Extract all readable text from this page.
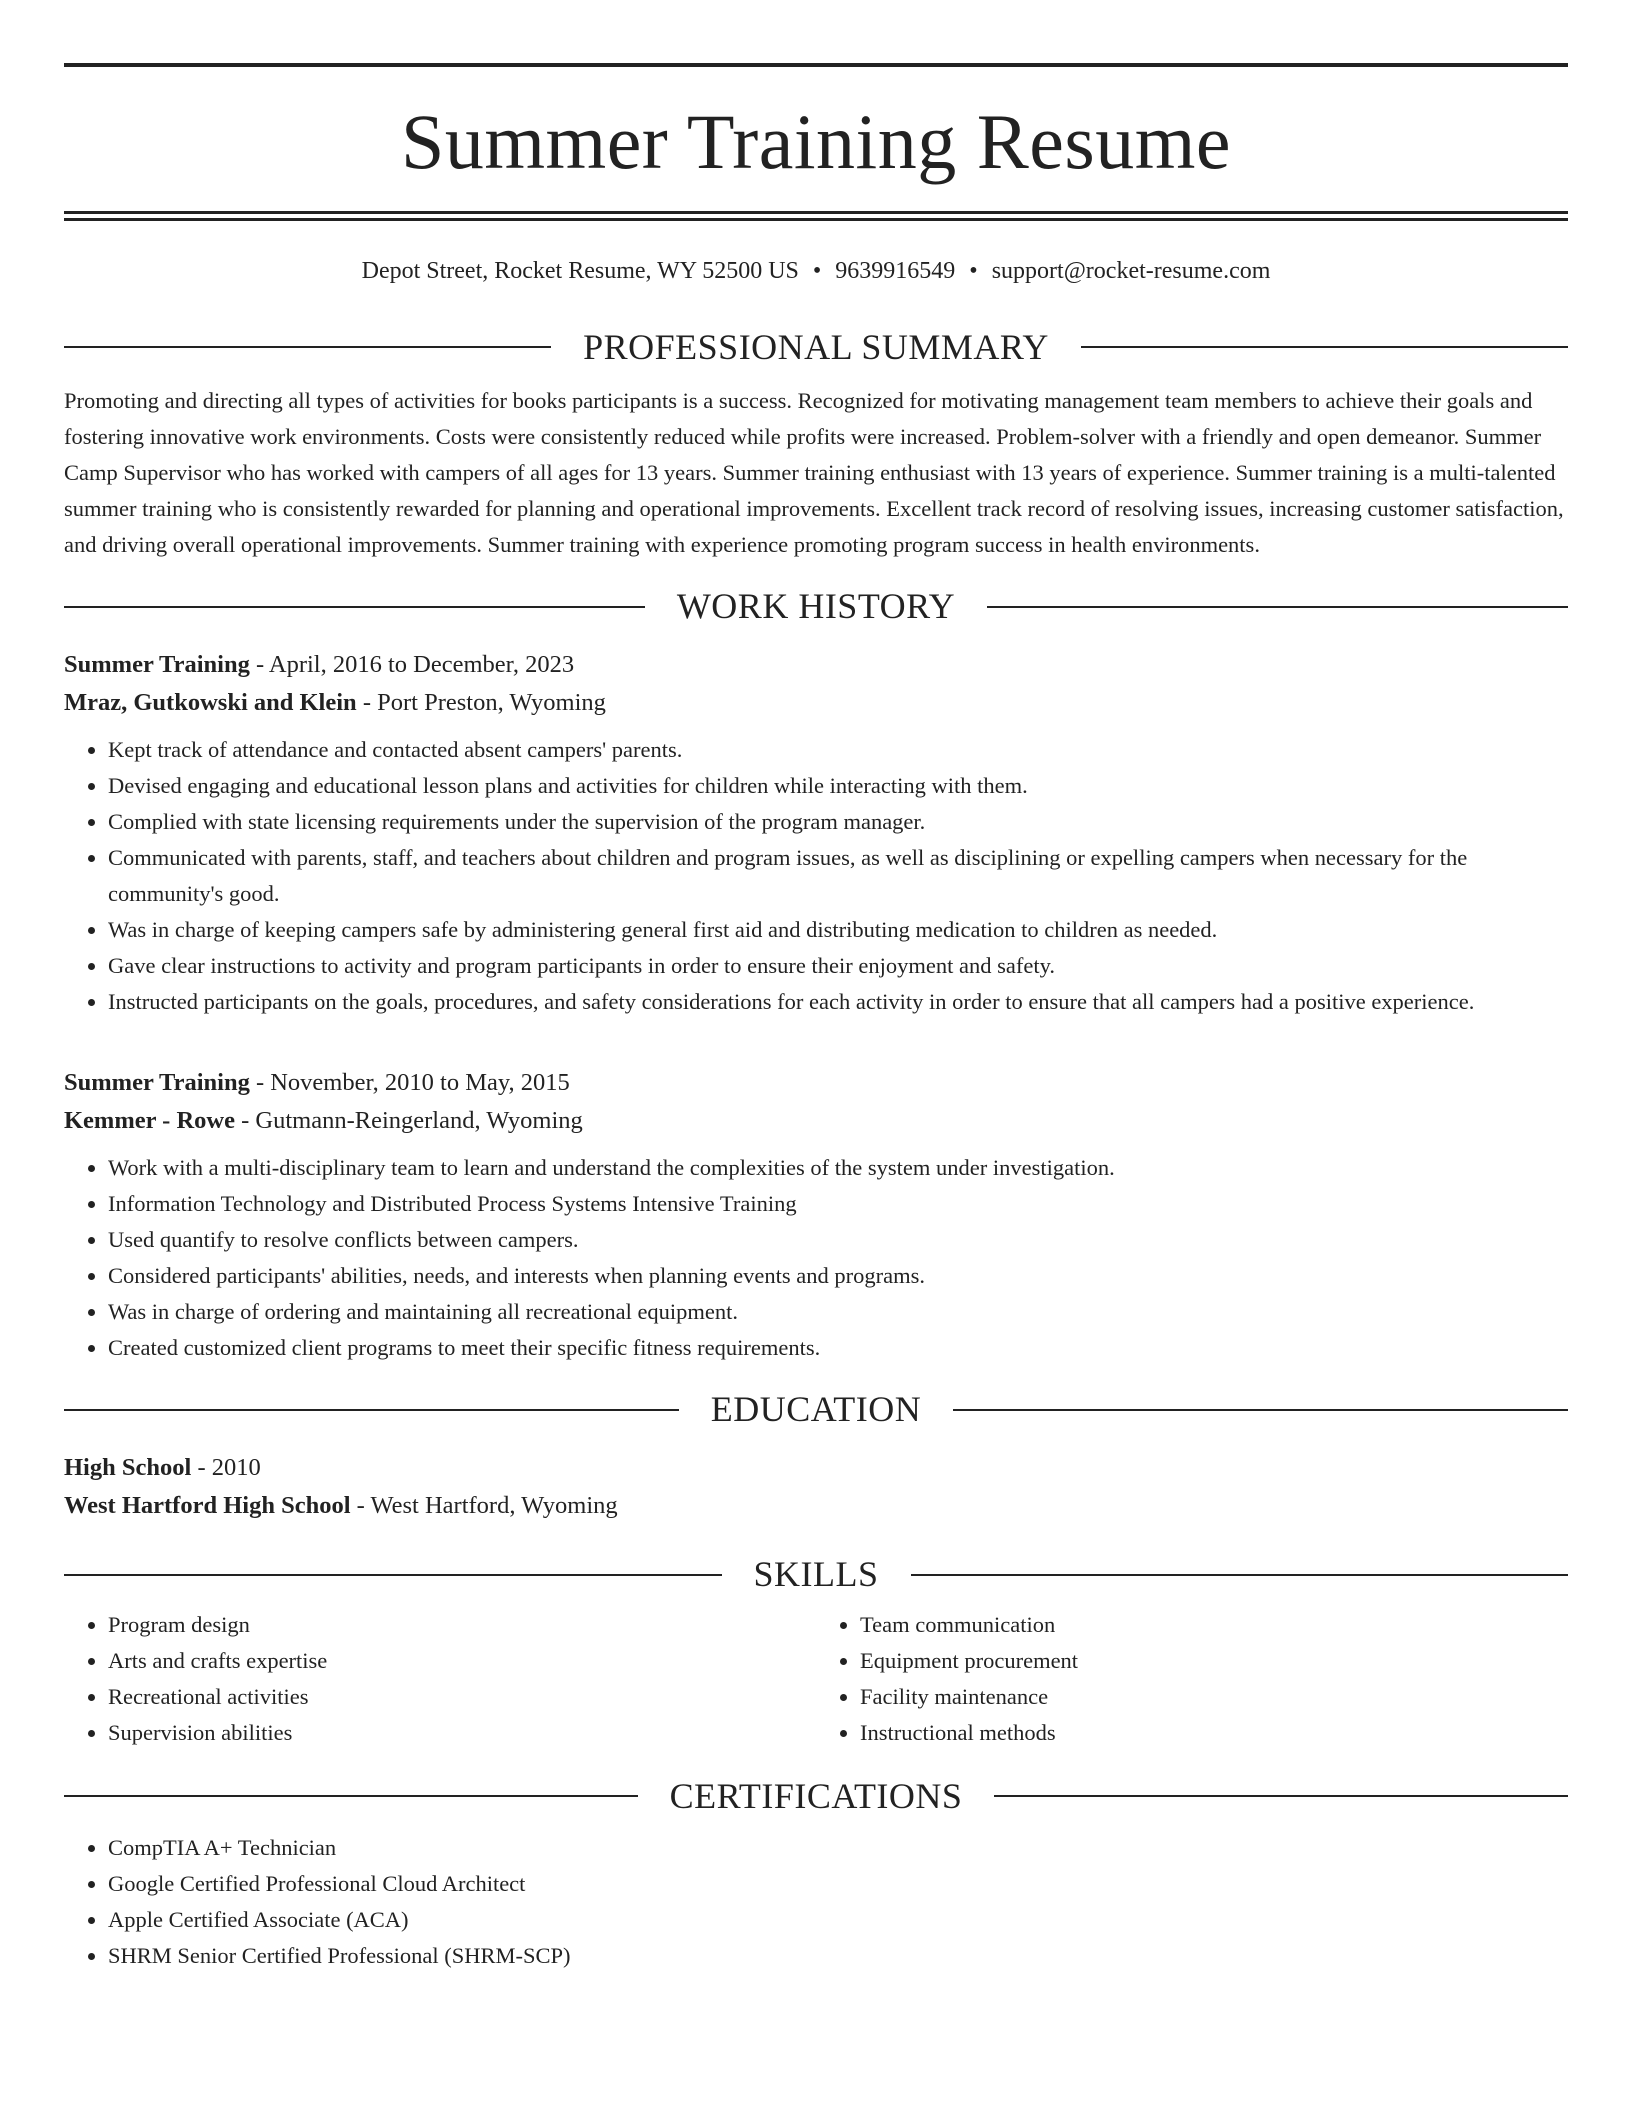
Summer Training Resume
Depot Street, Rocket Resume, WY 52500 US • 9639916549 • support@rocket-resume.com
PROFESSIONAL SUMMARY
Promoting and directing all types of activities for books participants is a success. Recognized for motivating management team members to achieve their goals and fostering innovative work environments. Costs were consistently reduced while profits were increased. Problem-solver with a friendly and open demeanor. Summer Camp Supervisor who has worked with campers of all ages for 13 years. Summer training enthusiast with 13 years of experience. Summer training is a multi-talented summer training who is consistently rewarded for planning and operational improvements. Excellent track record of resolving issues, increasing customer satisfaction, and driving overall operational improvements. Summer training with experience promoting program success in health environments.
WORK HISTORY
Summer Training - April, 2016 to December, 2023
Mraz, Gutkowski and Klein - Port Preston, Wyoming
• Kept track of attendance and contacted absent campers' parents.
• Devised engaging and educational lesson plans and activities for children while interacting with them.
• Complied with state licensing requirements under the supervision of the program manager.
• Communicated with parents, staff, and teachers about children and program issues, as well as disciplining or expelling campers when necessary for the community's good.
• Was in charge of keeping campers safe by administering general first aid and distributing medication to children as needed.
• Gave clear instructions to activity and program participants in order to ensure their enjoyment and safety.
• Instructed participants on the goals, procedures, and safety considerations for each activity in order to ensure that all campers had a positive experience.
Summer Training - November, 2010 to May, 2015
Kemmer - Rowe - Gutmann-Reingerland, Wyoming
• Work with a multi-disciplinary team to learn and understand the complexities of the system under investigation.
• Information Technology and Distributed Process Systems Intensive Training
• Used quantify to resolve conflicts between campers.
• Considered participants' abilities, needs, and interests when planning events and programs.
• Was in charge of ordering and maintaining all recreational equipment.
• Created customized client programs to meet their specific fitness requirements.
EDUCATION
High School - 2010
West Hartford High School - West Hartford, Wyoming
SKILLS
• Program design
• Arts and crafts expertise
• Recreational activities
• Supervision abilities
• Team communication
• Equipment procurement
• Facility maintenance
• Instructional methods
CERTIFICATIONS
• CompTIA A+ Technician
• Google Certified Professional Cloud Architect
• Apple Certified Associate (ACA)
• SHRM Senior Certified Professional (SHRM-SCP)
